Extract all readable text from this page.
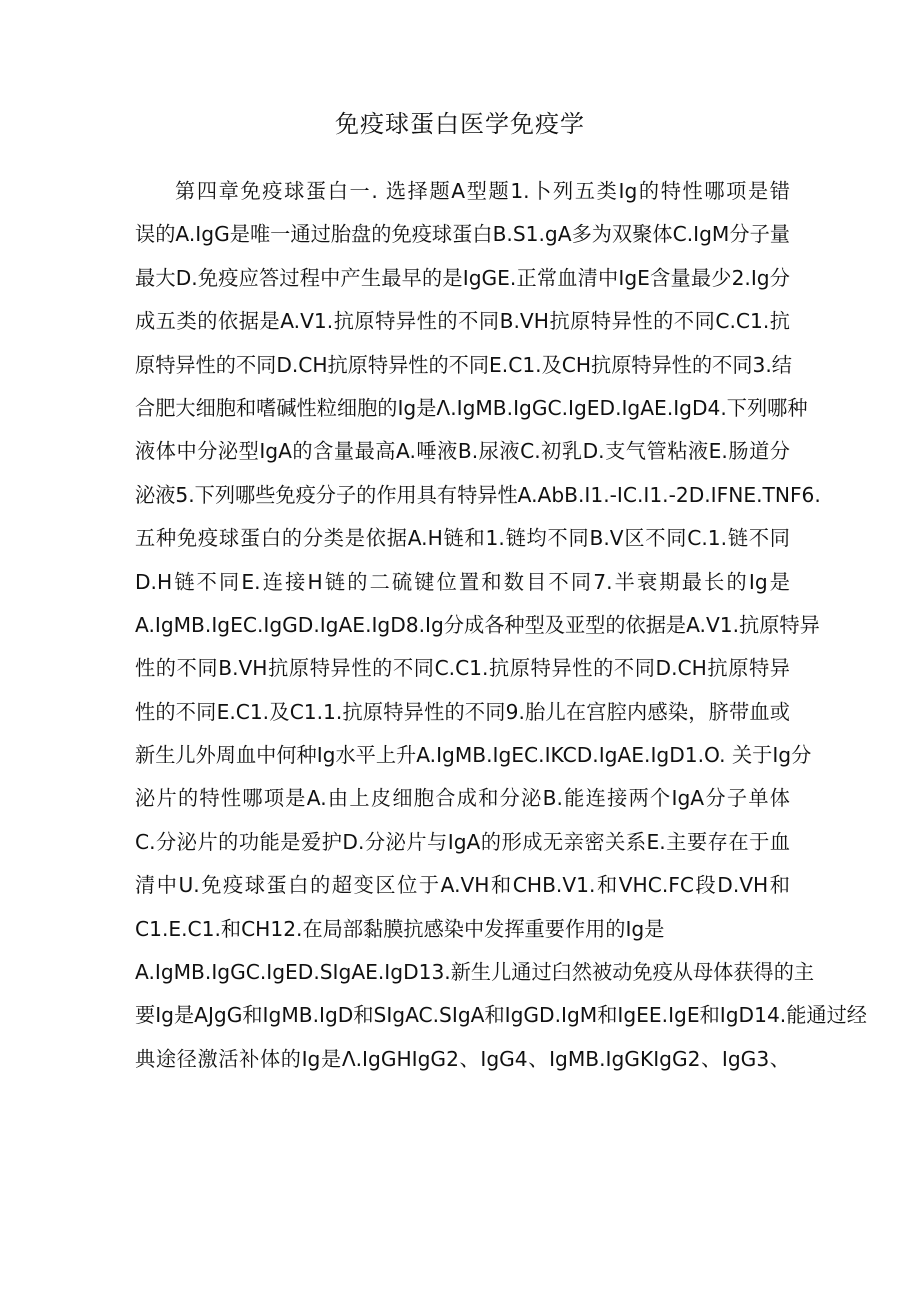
免疫球蛋白医学免疫学
第四章免疫球蛋白一. 选择题A型题1.卜列五类Ig的特性哪项是错
误的A.IgG是唯一通过胎盘的免疫球蛋白B.S1.gA多为双聚体C.IgM分子量
最大D.免疫应答过程中产生最早的是IgGE.正常血清中IgE含量最少2.Ig分
成五类的依据是A.V1.抗原特异性的不同B.VH抗原特异性的不同C.C1.抗
原特异性的不同D.CH抗原特异性的不同E.C1.及CH抗原特异性的不同3.结
合肥大细胞和嗜碱性粒细胞的Ig是Λ.IgMB.IgGC.IgED.IgAE.IgD4.下列哪种
液体中分泌型IgA的含量最高A.唾液B.尿液C.初乳D.支气管粘液E.肠道分
泌液5.下列哪些免疫分子的作用具有特异性A.AbB.I1.-IC.I1.-2D.IFNE.TNF6.
五种免疫球蛋白的分类是依据A.H链和1.链均不同B.V区不同C.1.链不同
D.H链不同E.连接H链的二硫键位置和数目不同7.半衰期最长的Ig是
A.IgMB.IgEC.IgGD.IgAE.IgD8.Ig分成各种型及亚型的依据是A.V1.抗原特异
性的不同B.VH抗原特异性的不同C.C1.抗原特异性的不同D.CH抗原特异
性的不同E.C1.及C1.1.抗原特异性的不同9.胎儿在宫腔内感染，脐带血或
新生儿外周血中何种Ig水平上升A.IgMB.IgEC.IKCD.IgAE.IgD1.O. 关于Ig分
泌片的特性哪项是A.由上皮细胞合成和分泌B.能连接两个IgA分子单体
C.分泌片的功能是爱护D.分泌片与IgA的形成无亲密关系E.主要存在于血
清中U.免疫球蛋白的超变区位于A.VH和CHB.V1.和VHC.FC段D.VH和
C1.E.C1.和CH12.在局部黏膜抗感染中发挥重要作用的Ig是
A.IgMB.IgGC.IgED.SIgAE.IgD13.新生儿通过臼然被动免疫从母体获得的主
要Ig是AJgG和IgMB.IgD和SIgAC.SIgA和IgGD.IgM和IgEE.IgE和IgD14.能通过经
典途径激活补体的Ig是Λ.IgGHIgG2、IgG4、IgMB.IgGKIgG2、IgG3、
